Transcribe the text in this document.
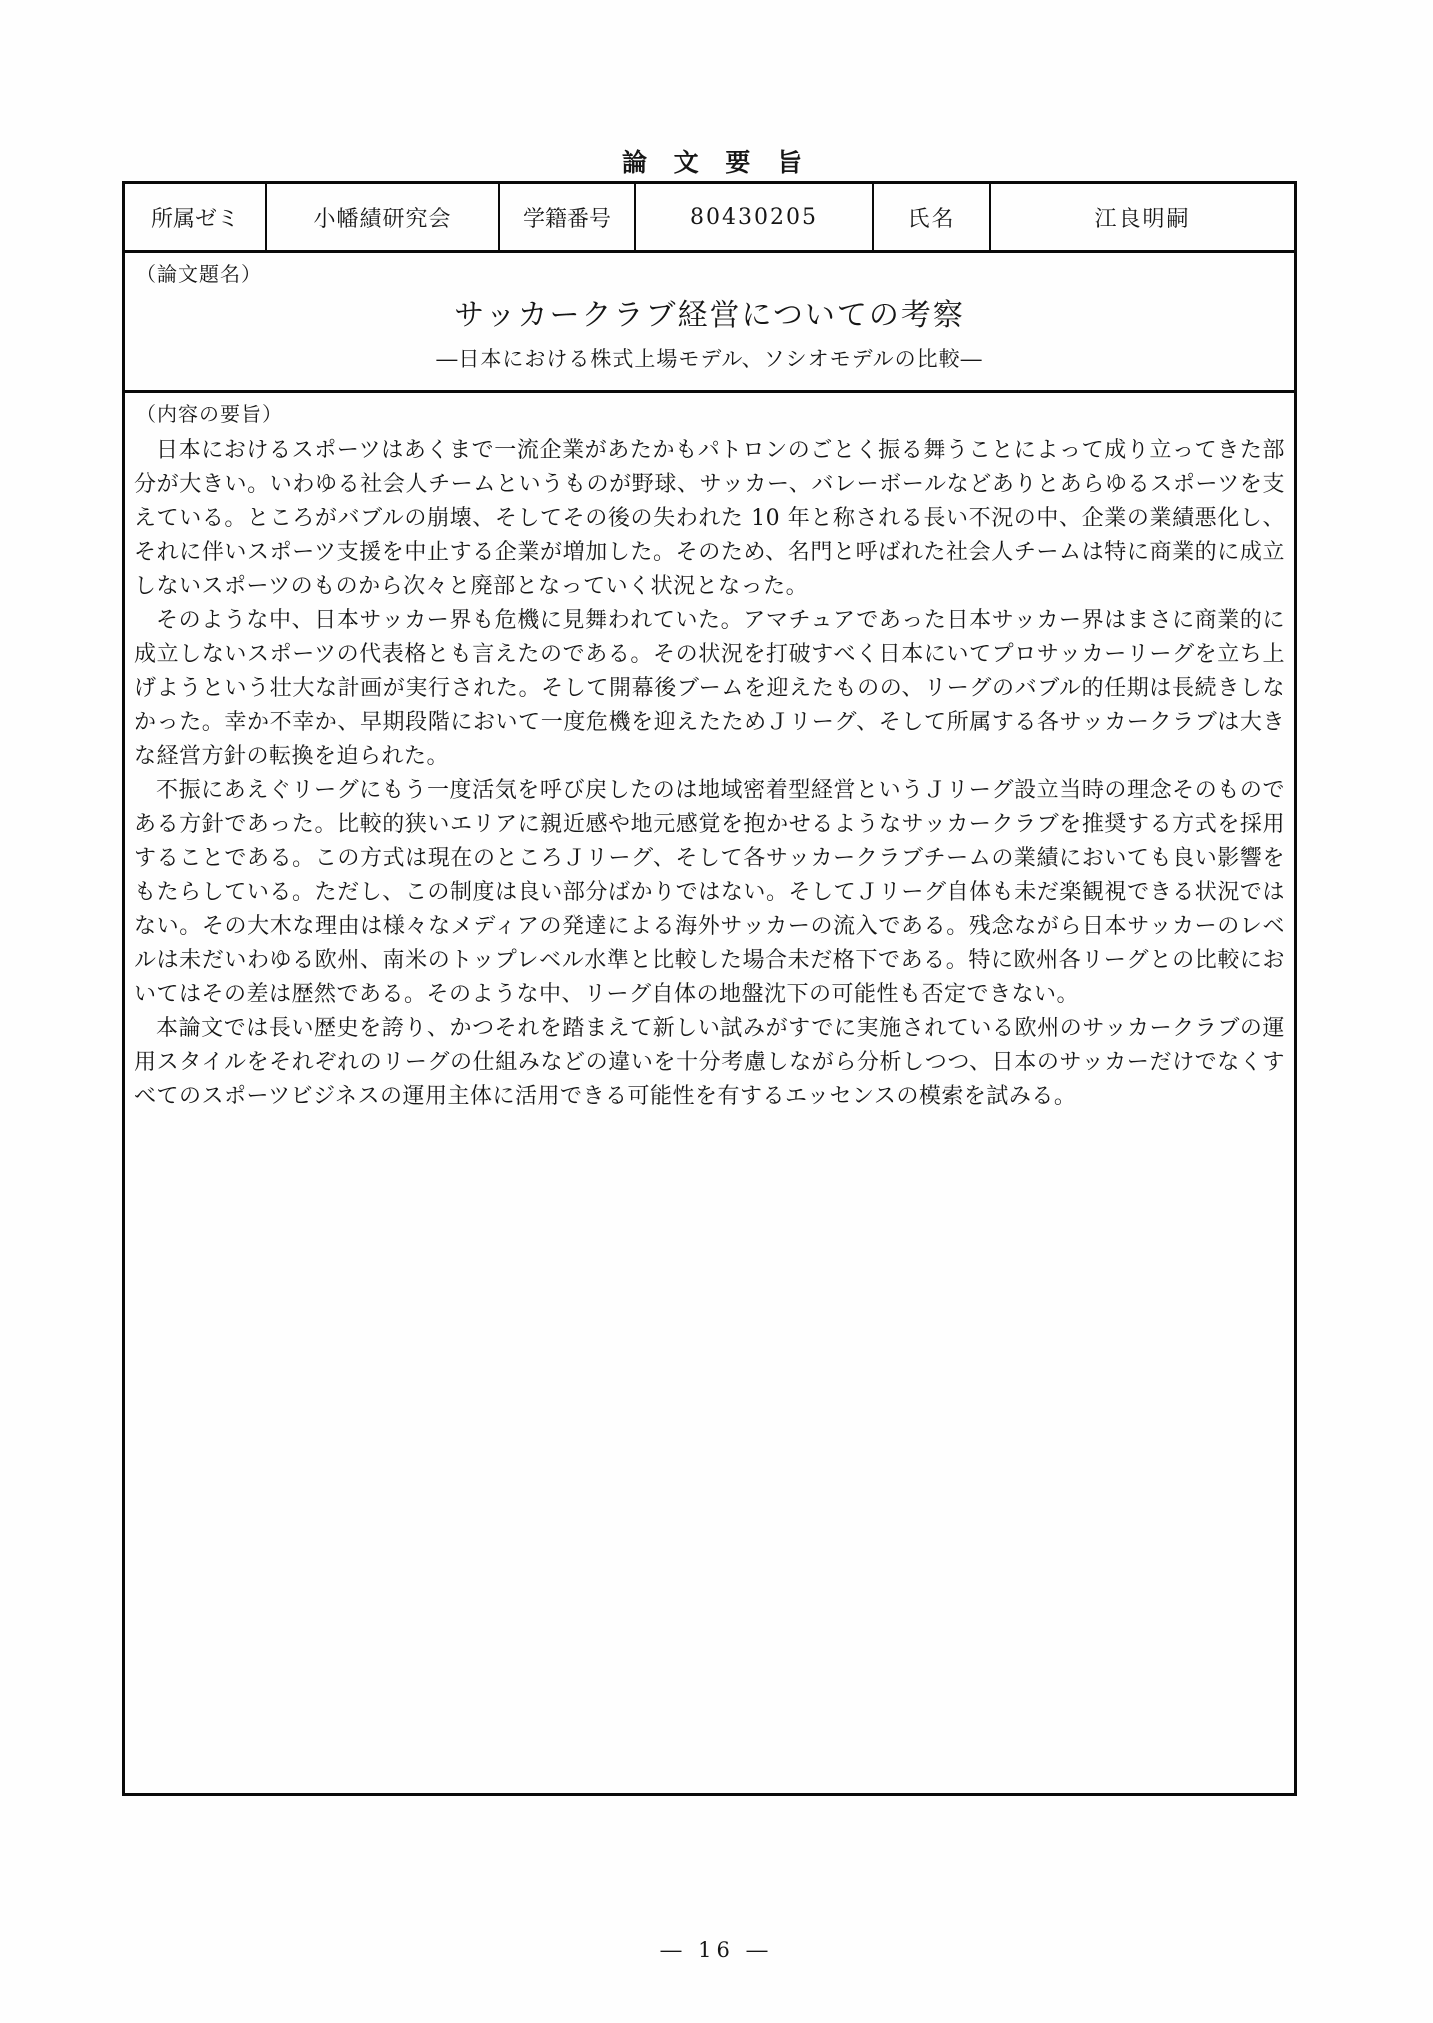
論 文 要 旨
所属ゼミ	小幡績研究会	学籍番号	80430205	氏名	江良明嗣
（論文題名）
サッカークラブ経営についての考察
―日本における株式上場モデル、ソシオモデルの比較―
（内容の要旨）

日本におけるスポーツはあくまで一流企業があたかもパトロンのごとく振る舞うことによって成り立ってきた部分が大きい。いわゆる社会人チームというものが野球、サッカー、バレーボールなどありとあらゆるスポーツを支えている。ところがバブルの崩壊、そしてその後の失われた 10 年と称される長い不況の中、企業の業績悪化し、それに伴いスポーツ支援を中止する企業が増加した。そのため、名門と呼ばれた社会人チームは特に商業的に成立しないスポーツのものから次々と廃部となっていく状況となった。

そのような中、日本サッカー界も危機に見舞われていた。アマチュアであった日本サッカー界はまさに商業的に成立しないスポーツの代表格とも言えたのである。その状況を打破すべく日本にいてプロサッカーリーグを立ち上げようという壮大な計画が実行された。そして開幕後ブームを迎えたものの、リーグのバブル的任期は長続きしなかった。幸か不幸か、早期段階において一度危機を迎えたためＪリーグ、そして所属する各サッカークラブは大きな経営方針の転換を迫られた。

不振にあえぐリーグにもう一度活気を呼び戻したのは地域密着型経営というＪリーグ設立当時の理念そのものである方針であった。比較的狭いエリアに親近感や地元感覚を抱かせるようなサッカークラブを推奨する方式を採用することである。この方式は現在のところＪリーグ、そして各サッカークラブチームの業績においても良い影響をもたらしている。ただし、この制度は良い部分ばかりではない。そしてＪリーグ自体も未だ楽観視できる状況ではない。その大木な理由は様々なメディアの発達による海外サッカーの流入である。残念ながら日本サッカーのレベルは未だいわゆる欧州、南米のトップレベル水準と比較した場合未だ格下である。特に欧州各リーグとの比較においてはその差は歴然である。そのような中、リーグ自体の地盤沈下の可能性も否定できない。

本論文では長い歴史を誇り、かつそれを踏まえて新しい試みがすでに実施されている欧州のサッカークラブの運用スタイルをそれぞれのリーグの仕組みなどの違いを十分考慮しながら分析しつつ、日本のサッカーだけでなくすべてのスポーツビジネスの運用主体に活用できる可能性を有するエッセンスの模索を試みる。

― 16 ―
